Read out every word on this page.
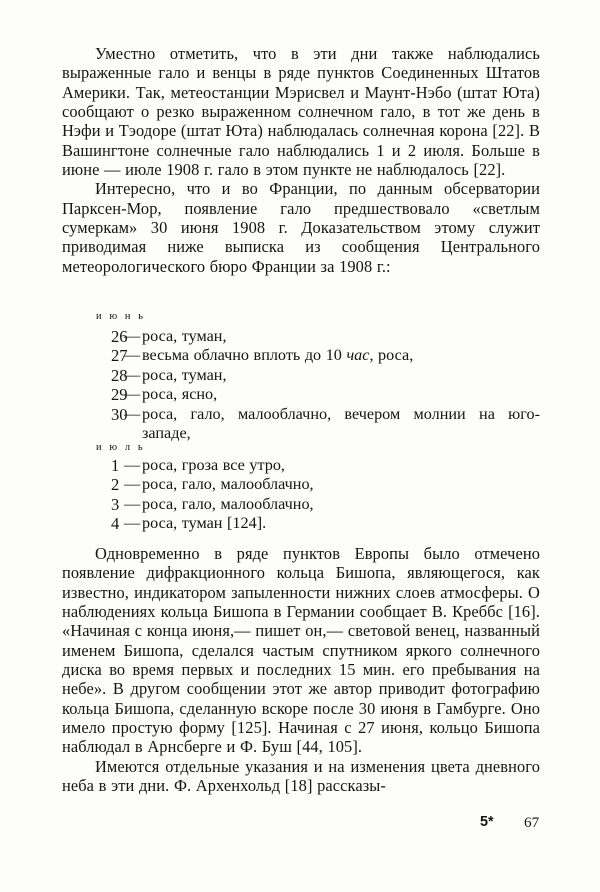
Уместно отметить, что в эти дни также наблюдались выраженные гало и венцы в ряде пунктов Соединенных Штатов Америки. Так, метеостанции Мэрисвел и Маунт-Нэбо (штат Юта) сообщают о резко выраженном солнечном гало, в тот же день в Нэфи и Тэодоре (штат Юта) наблюдалась солнечная корона [22]. В Вашингтоне солнечные гало наблюдались 1 и 2 июля. Больше в июне — июле 1908 г. гало в этом пункте не наблюдалось [22].

Интересно, что и во Франции, по данным обсерватории Парксен-Мор, появление гало предшествовало «светлым сумеркам» 30 июня 1908 г. Доказательством этому служит приводимая ниже выписка из сообщения Центрального метеорологического бюро Франции за 1908 г.:

и ю н ь
26
— роса, туман,
27
— весьма облачно вплоть до 10 час, роса,
28
— роса, туман,
29
— роса, ясно,
30
— роса, гало, малооблачно, вечером молнии на юго-
западе,
и ю л ь
1 — роса, гроза все утро,
2 — роса, гало, малооблачно,
3 — роса, гало, малооблачно,
4 — роса, туман [124].

Одновременно в ряде пунктов Европы было отмечено появление дифракционного кольца Бишопа, являющегося, как известно, индикатором запыленности нижних слоев атмосферы. О наблюдениях кольца Бишопа в Германии сообщает В. Креббс [16]. «Начиная с конца июня,— пишет он,— световой венец, названный именем Бишопа, сделался частым спутником яркого солнечного диска во время первых и последних 15 мин. его пребывания на небе». В другом сообщении этот же автор приводит фотографию кольца Бишопа, сделанную вскоре после 30 июня в Гамбурге. Оно имело простую форму [125]. Начиная с 27 июня, кольцо Бишопа наблюдал в Арнсберге и Ф. Буш [44, 105].

Имеются отдельные указания и на изменения цвета дневного неба в эти дни. Ф. Архенхольд [18] рассказы-

5* 67
